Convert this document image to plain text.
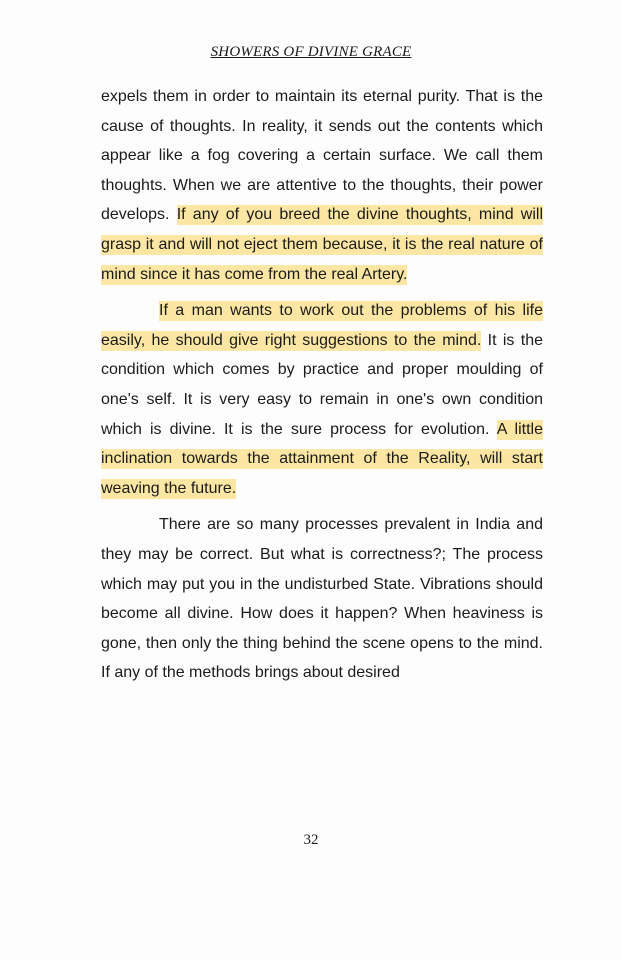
SHOWERS OF DIVINE GRACE

expels them in order to maintain its eternal purity. That is the cause of thoughts. In reality, it sends out the contents which appear like a fog covering a certain surface. We call them thoughts. When we are attentive to the thoughts, their power develops. If any of you breed the divine thoughts, mind will grasp it and will not eject them because, it is the real nature of mind since it has come from the real Artery.

If a man wants to work out the problems of his life easily, he should give right suggestions to the mind. It is the condition which comes by practice and proper moulding of one's self. It is very easy to remain in one's own condition which is divine. It is the sure process for evolution. A little inclination towards the attainment of the Reality, will start weaving the future.

There are so many processes prevalent in India and they may be correct. But what is correctness?; The process which may put you in the undisturbed State. Vibrations should become all divine. How does it happen? When heaviness is gone, then only the thing behind the scene opens to the mind. If any of the methods brings about desired

32
